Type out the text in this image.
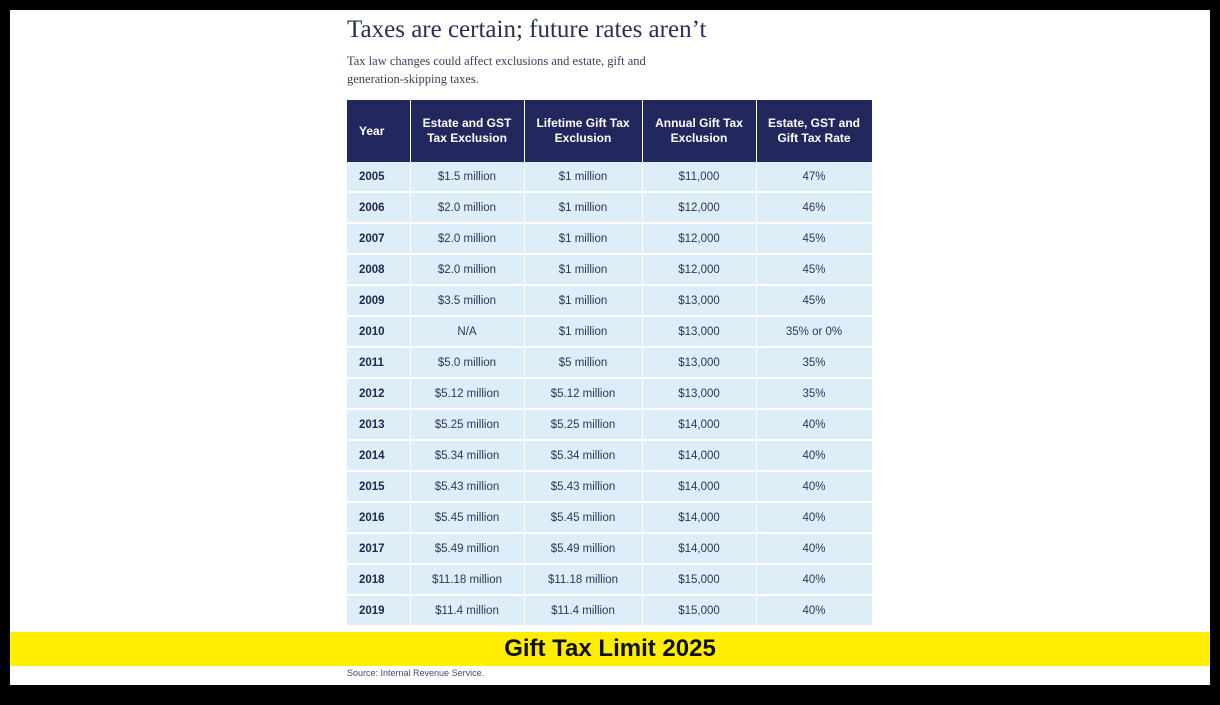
Taxes are certain; future rates aren’t
Tax law changes could affect exclusions and estate, gift and generation-skipping taxes.
Year	Estate and GST Tax Exclusion	Lifetime Gift Tax Exclusion	Annual Gift Tax Exclusion	Estate, GST and Gift Tax Rate
2005	$1.5 million	$1 million	$11,000	47%
2006	$2.0 million	$1 million	$12,000	46%
2007	$2.0 million	$1 million	$12,000	45%
2008	$2.0 million	$1 million	$12,000	45%
2009	$3.5 million	$1 million	$13,000	45%
2010	N/A	$1 million	$13,000	35% or 0%
2011	$5.0 million	$5 million	$13,000	35%
2012	$5.12 million	$5.12 million	$13,000	35%
2013	$5.25 million	$5.25 million	$14,000	40%
2014	$5.34 million	$5.34 million	$14,000	40%
2015	$5.43 million	$5.43 million	$14,000	40%
2016	$5.45 million	$5.45 million	$14,000	40%
2017	$5.49 million	$5.49 million	$14,000	40%
2018	$11.18 million	$11.18 million	$15,000	40%
2019	$11.4 million	$11.4 million	$15,000	40%
Gift Tax Limit 2025
Source: Internal Revenue Service.
